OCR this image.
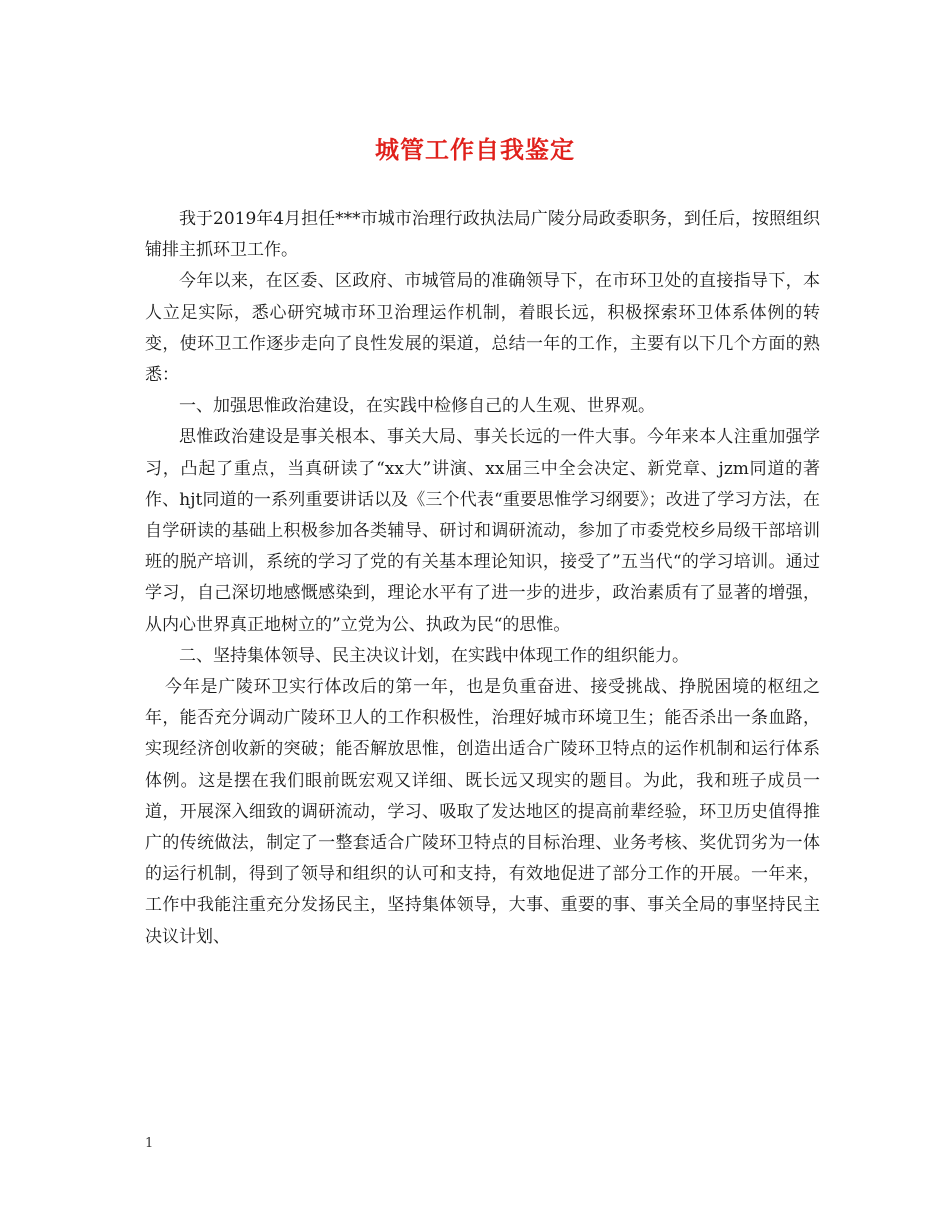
城管工作自我鉴定

我于2019年4月担任***市城市治理行政执法局广陵分局政委职务，到任后，按照组织铺排主抓环卫工作。

今年以来，在区委、区政府、市城管局的准确领导下，在市环卫处的直接指导下，本人立足实际，悉心研究城市环卫治理运作机制，着眼长远，积极探索环卫体系体例的转变，使环卫工作逐步走向了良性发展的渠道，总结一年的工作，主要有以下几个方面的熟悉：

一、加强思惟政治建设，在实践中检修自己的人生观、世界观。

思惟政治建设是事关根本、事关大局、事关长远的一件大事。今年来本人注重加强学习，凸起了重点，当真研读了“xx大”讲演、xx届三中全会决定、新党章、jzm同道的著作、hjt同道的一系列重要讲话以及《三个代表“重要思惟学习纲要》；改进了学习方法，在自学研读的基础上积极参加各类辅导、研讨和调研流动，参加了市委党校乡局级干部培训班的脱产培训，系统的学习了党的有关基本理论知识，接受了”五当代“的学习培训。通过学习，自己深切地感慨感染到，理论水平有了进一步的进步，政治素质有了显著的增强，从内心世界真正地树立的”立党为公、执政为民“的思惟。

二、坚持集体领导、民主决议计划，在实践中体现工作的组织能力。

今年是广陵环卫实行体改后的第一年，也是负重奋进、接受挑战、挣脱困境的枢纽之年，能否充分调动广陵环卫人的工作积极性，治理好城市环境卫生；能否杀出一条血路，实现经济创收新的突破；能否解放思惟，创造出适合广陵环卫特点的运作机制和运行体系体例。这是摆在我们眼前既宏观又详细、既长远又现实的题目。为此，我和班子成员一道，开展深入细致的调研流动，学习、吸取了发达地区的提高前辈经验，环卫历史值得推广的传统做法，制定了一整套适合广陵环卫特点的目标治理、业务考核、奖优罚劣为一体的运行机制，得到了领导和组织的认可和支持，有效地促进了部分工作的开展。一年来，工作中我能注重充分发扬民主，坚持集体领导，大事、重要的事、事关全局的事坚持民主决议计划、

1
